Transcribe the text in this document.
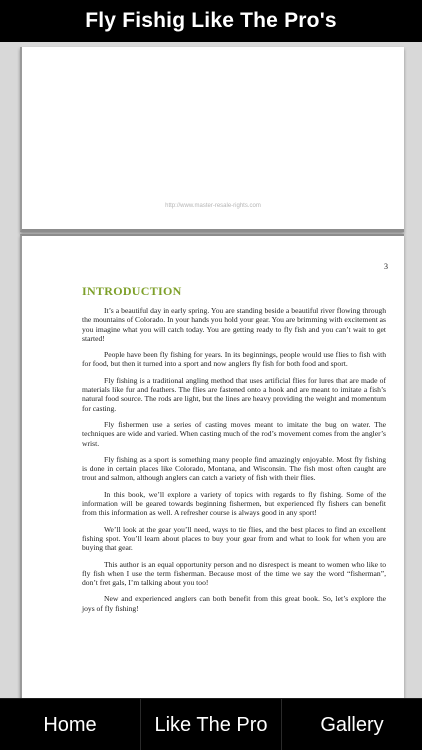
Fly Fishig Like The Pro's
http://www.master-resale-rights.com
3
INTRODUCTION

It’s a beautiful day in early spring. You are standing beside a beautiful river flowing through the mountains of Colorado. In your hands you hold your gear. You are brimming with excitement as you imagine what you will catch today. You are getting ready to fly fish and you can’t wait to get started!

People have been fly fishing for years. In its beginnings, people would use flies to fish with for food, but then it turned into a sport and now anglers fly fish for both food and sport.

Fly fishing is a traditional angling method that uses artificial flies for lures that are made of materials like fur and feathers. The flies are fastened onto a hook and are meant to imitate a fish’s natural food source. The rods are light, but the lines are heavy providing the weight and momentum for casting.

Fly fishermen use a series of casting moves meant to imitate the bug on water. The techniques are wide and varied. When casting much of the rod’s movement comes from the angler’s wrist.

Fly fishing as a sport is something many people find amazingly enjoyable. Most fly fishing is done in certain places like Colorado, Montana, and Wisconsin. The fish most often caught are trout and salmon, although anglers can catch a variety of fish with their flies.

In this book, we’ll explore a variety of topics with regards to fly fishing. Some of the information will be geared towards beginning fishermen, but experienced fly fishers can benefit from this information as well. A refresher course is always good in any sport!

We’ll look at the gear you’ll need, ways to tie flies, and the best places to find an excellent fishing spot. You’ll learn about places to buy your gear from and what to look for when you are buying that gear.

This author is an equal opportunity person and no disrespect is meant to women who like to fly fish when I use the term fisherman. Because most of the time we say the word “fisherman”, don’t fret gals, I’m talking about you too!

New and experienced anglers can both benefit from this great book. So, let’s explore the joys of fly fishing!

Home	Like The Pro	Gallery
